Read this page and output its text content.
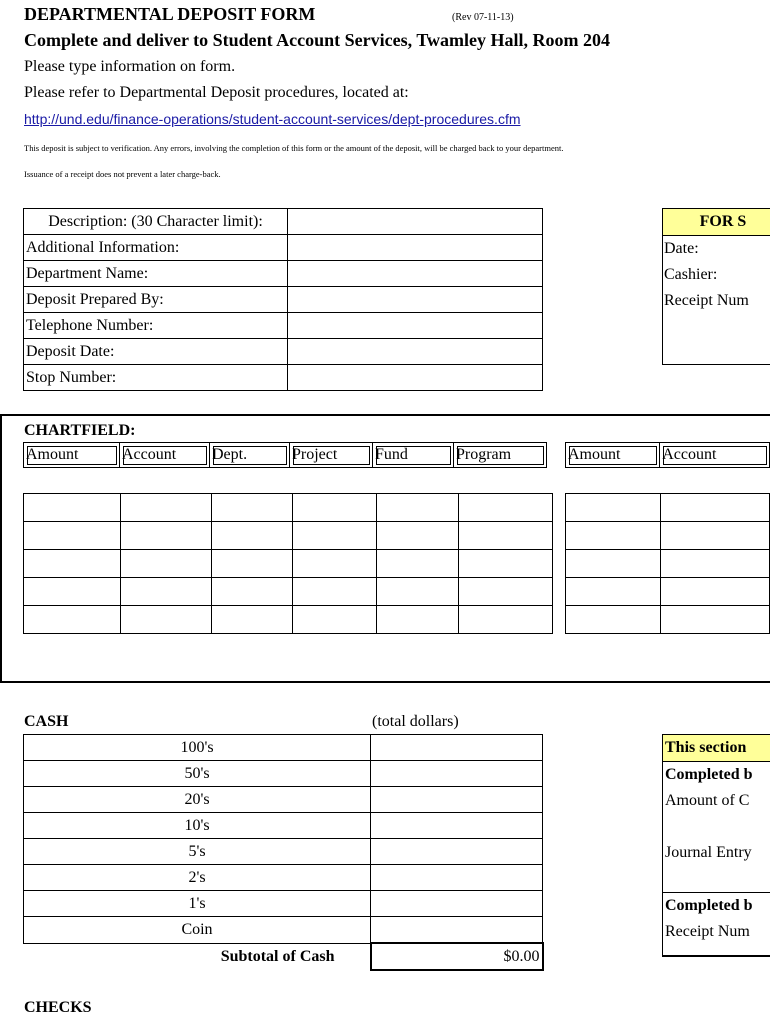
DEPARTMENTAL DEPOSIT FORM	(Rev 07-11-13)
Complete and deliver to Student Account Services, Twamley Hall, Room 204
Please type information on form.
Please refer to Departmental Deposit procedures, located at:
http://und.edu/finance-operations/student-account-services/dept-procedures.cfm
This deposit is subject to verification. Any errors, involving the completion of this form or the amount of the deposit, will be charged back to your department.
Issuance of a receipt does not prevent a later charge-back.
Description: (30 Character limit):	
Additional Information:	
Department Name:	
Deposit Prepared By:	
Telephone Number:	
Deposit Date:	
Stop Number:	
FOR S
Date:
Cashier:
Receipt Num
CHARTFIELD:
Amount	Account	Dept.	Project	Fund	Program	Amount	Account

CASH	(total dollars)
100's	
50's	
20's	
10's	
5's	
2's	
1's	
Coin	
Subtotal of Cash	$0.00
This section
Completed b
Amount of C
Journal Entry
Completed b
Receipt Num
CHECKS
